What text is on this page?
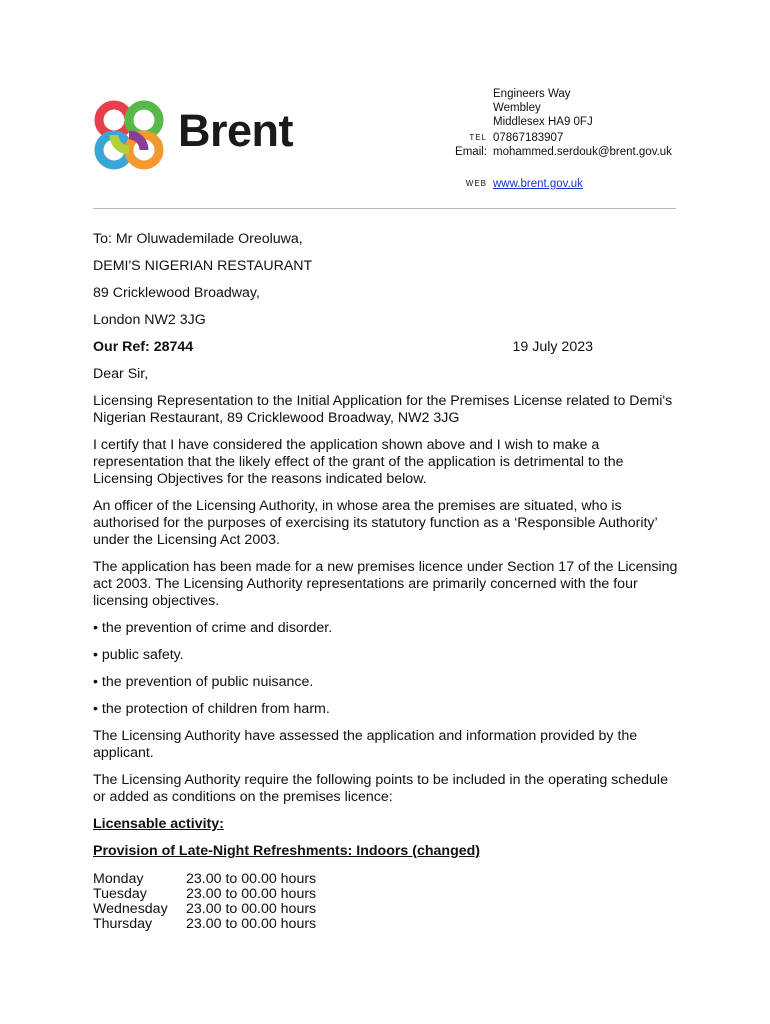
Brent
Engineers Way
Wembley
Middlesex HA9 0FJ
TEL 07867183907
Email: mohammed.serdouk@brent.gov.uk
WEB www.brent.gov.uk

To: Mr Oluwademilade Oreoluwa,

DEMI'S NIGERIAN RESTAURANT

89 Cricklewood Broadway,

London NW2 3JG

Our Ref: 28744	19 July 2023

Dear Sir,

Licensing Representation to the Initial Application for the Premises License related to Demi's Nigerian Restaurant, 89 Cricklewood Broadway, NW2 3JG

I certify that I have considered the application shown above and I wish to make a representation that the likely effect of the grant of the application is detrimental to the Licensing Objectives for the reasons indicated below.

An officer of the Licensing Authority, in whose area the premises are situated, who is authorised for the purposes of exercising its statutory function as a ‘Responsible Authority’ under the Licensing Act 2003.

The application has been made for a new premises licence under Section 17 of the Licensing act 2003. The Licensing Authority representations are primarily concerned with the four licensing objectives.

• the prevention of crime and disorder.

• public safety.

• the prevention of public nuisance.

• the protection of children from harm.

The Licensing Authority have assessed the application and information provided by the applicant.

The Licensing Authority require the following points to be included in the operating schedule or added as conditions on the premises licence:

Licensable activity:

Provision of Late-Night Refreshments: Indoors (changed)

Monday	23.00 to 00.00 hours
Tuesday	23.00 to 00.00 hours
Wednesday	23.00 to 00.00 hours
Thursday	23.00 to 00.00 hours
